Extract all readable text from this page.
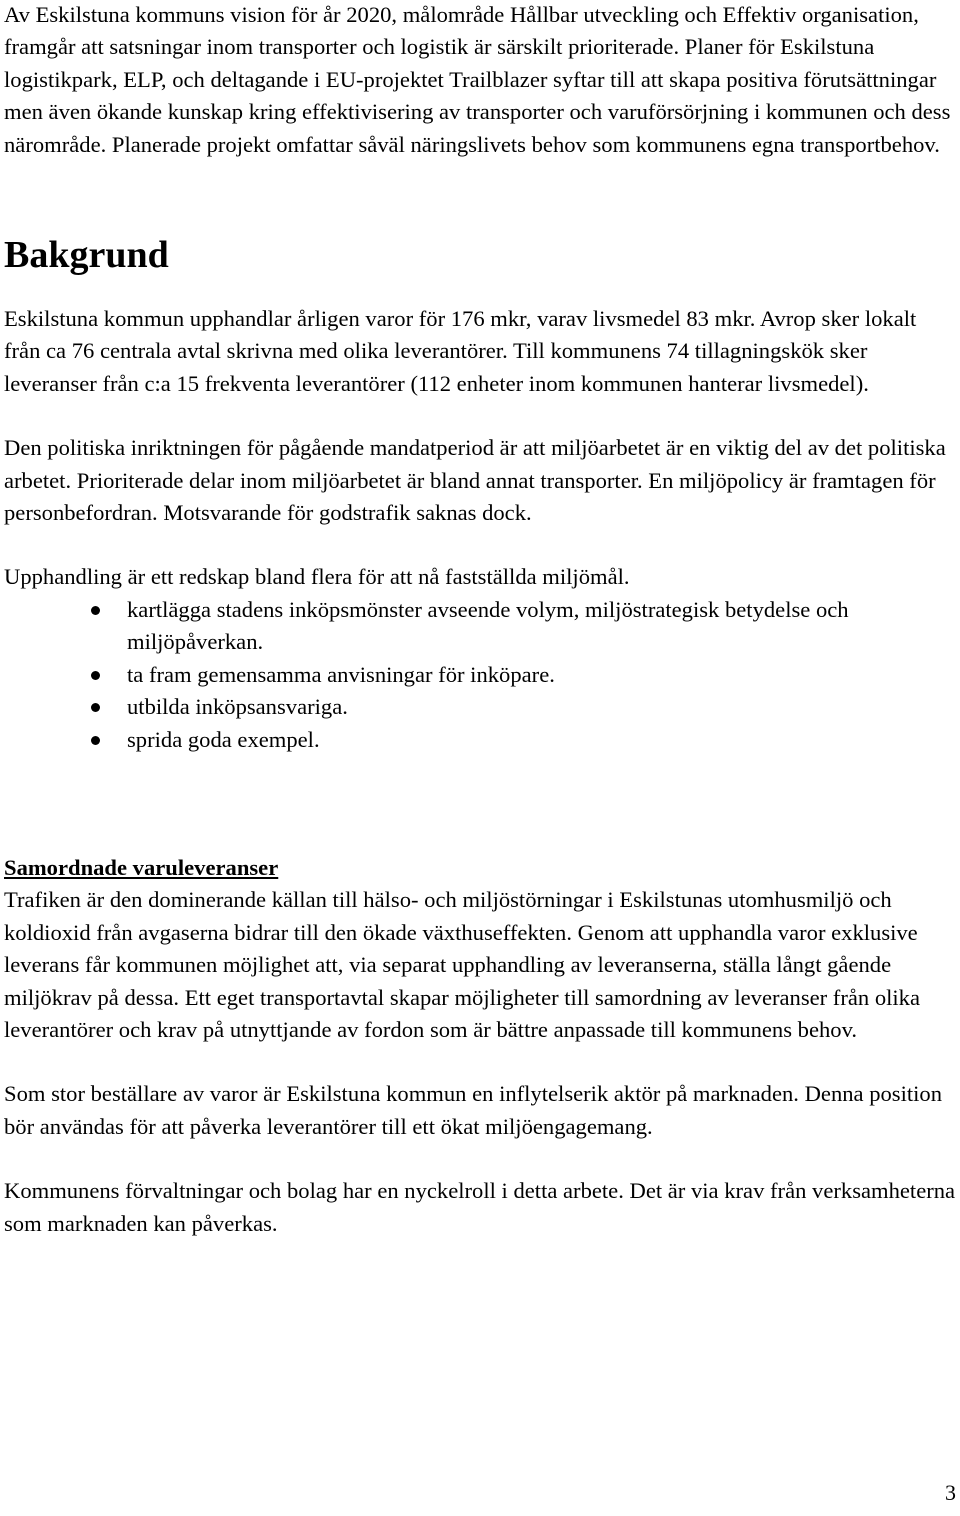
Av Eskilstuna kommuns vision för år 2020, målområde Hållbar utveckling och Effektiv organisation, framgår att satsningar inom transporter och logistik är särskilt prioriterade. Planer för Eskilstuna logistikpark, ELP, och deltagande i EU-projektet Trailblazer syftar till att skapa positiva förutsättningar men även ökande kunskap kring effektivisering av transporter och varuförsörjning i kommunen och dess närområde. Planerade projekt omfattar såväl näringslivets behov som kommunens egna transportbehov.

Bakgrund

Eskilstuna kommun upphandlar årligen varor för 176 mkr, varav livsmedel 83 mkr. Avrop sker lokalt från ca 76 centrala avtal skrivna med olika leverantörer. Till kommunens 74 tillagningskök sker leveranser från c:a 15 frekventa leverantörer (112 enheter inom kommunen hanterar livsmedel).

Den politiska inriktningen för pågående mandatperiod är att miljöarbetet är en viktig del av det politiska arbetet. Prioriterade delar inom miljöarbetet är bland annat transporter. En miljöpolicy är framtagen för personbefordran. Motsvarande för godstrafik saknas dock.

Upphandling är ett redskap bland flera för att nå fastställda miljömål.

kartlägga stadens inköpsmönster avseende volym, miljöstrategisk betydelse och miljöpåverkan.
ta fram gemensamma anvisningar för inköpare.
utbilda inköpsansvariga.
sprida goda exempel.

Samordnade varuleveranser

Trafiken är den dominerande källan till hälso- och miljöstörningar i Eskilstunas utomhusmiljö och koldioxid från avgaserna bidrar till den ökade växthuseffekten. Genom att upphandla varor exklusive leverans får kommunen möjlighet att, via separat upphandling av leveranserna, ställa långt gående miljökrav på dessa. Ett eget transportavtal skapar möjligheter till samordning av leveranser från olika leverantörer och krav på utnyttjande av fordon som är bättre anpassade till kommunens behov.

Som stor beställare av varor är Eskilstuna kommun en inflytelserik aktör på marknaden. Denna position bör användas för att påverka leverantörer till ett ökat miljöengagemang.

Kommunens förvaltningar och bolag har en nyckelroll i detta arbete. Det är via krav från verksamheterna som marknaden kan påverkas.

3
